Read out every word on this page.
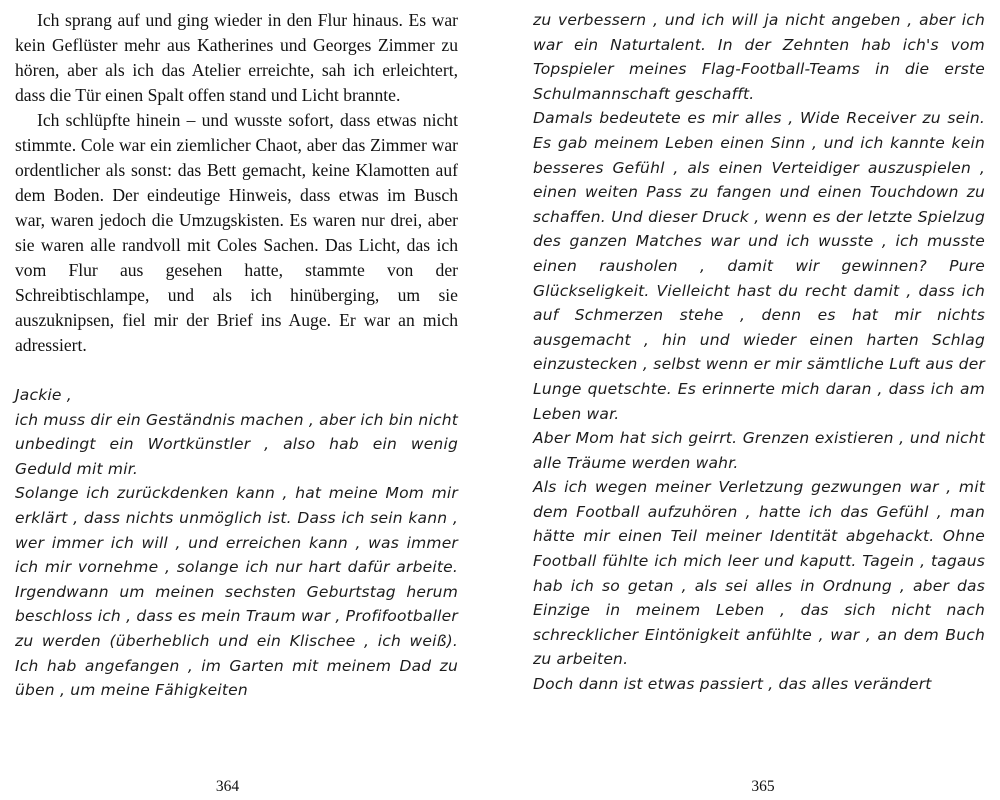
Ich sprang auf und ging wieder in den Flur hinaus. Es war kein Geflüster mehr aus Katherines und Georges Zimmer zu hören, aber als ich das Atelier erreichte, sah ich erleichtert, dass die Tür einen Spalt offen stand und Licht brannte.

Ich schlüpfte hinein – und wusste sofort, dass etwas nicht stimmte. Cole war ein ziemlicher Chaot, aber das Zimmer war ordentlicher als sonst: das Bett gemacht, keine Klamotten auf dem Boden. Der eindeutige Hinweis, dass etwas im Busch war, waren jedoch die Umzugskisten. Es waren nur drei, aber sie waren alle randvoll mit Coles Sachen. Das Licht, das ich vom Flur aus gesehen hatte, stammte von der Schreibtischlampe, und als ich hinüberging, um sie auszuknipsen, fiel mir der Brief ins Auge. Er war an mich adressiert.

Jackie ,

ich muss dir ein Geständnis machen , aber ich bin nicht unbedingt ein Wortkünstler , also hab ein wenig Geduld mit mir.

Solange ich zurückdenken kann , hat meine Mom mir erklärt , dass nichts unmöglich ist. Dass ich sein kann , wer immer ich will , und erreichen kann , was immer ich mir vornehme , solange ich nur hart dafür arbeite. Irgendwann um meinen sechsten Geburtstag herum beschloss ich , dass es mein Traum war , Profifootballer zu werden (überheblich und ein Klischee , ich weiß). Ich hab angefangen , im Garten mit meinem Dad zu üben , um meine Fähigkeiten

364

zu verbessern , und ich will ja nicht angeben , aber ich war ein Naturtalent. In der Zehnten hab ich's vom Topspieler meines Flag-Football-Teams in die erste Schulmannschaft geschafft.

Damals bedeutete es mir alles , Wide Receiver zu sein. Es gab meinem Leben einen Sinn , und ich kannte kein besseres Gefühl , als einen Verteidiger auszuspielen , einen weiten Pass zu fangen und einen Touchdown zu schaffen. Und dieser Druck , wenn es der letzte Spielzug des ganzen Matches war und ich wusste , ich musste einen rausholen , damit wir gewinnen? Pure Glückseligkeit. Vielleicht hast du recht damit , dass ich auf Schmerzen stehe , denn es hat mir nichts ausgemacht , hin und wieder einen harten Schlag einzustecken , selbst wenn er mir sämtliche Luft aus der Lunge quetschte. Es erinnerte mich daran , dass ich am Leben war.

Aber Mom hat sich geirrt. Grenzen existieren , und nicht alle Träume werden wahr.

Als ich wegen meiner Verletzung gezwungen war , mit dem Football aufzuhören , hatte ich das Gefühl , man hätte mir einen Teil meiner Identität abgehackt. Ohne Football fühlte ich mich leer und kaputt. Tagein , tagaus hab ich so getan , als sei alles in Ordnung , aber das Einzige in meinem Leben , das sich nicht nach schrecklicher Eintönigkeit anfühlte , war , an dem Buch zu arbeiten.

Doch dann ist etwas passiert , das alles verändert

365
